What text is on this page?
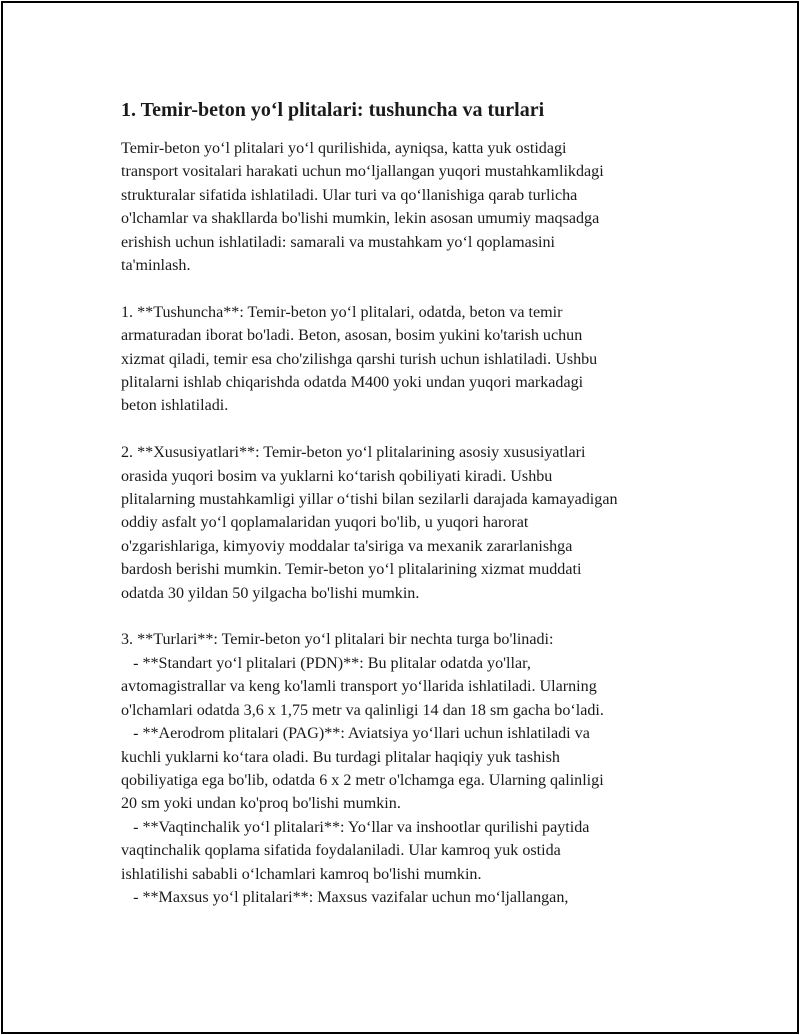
1. Temir-beton yo‘l plitalari: tushuncha va turlari
Temir-beton yo‘l plitalari yo‘l qurilishida, ayniqsa, katta yuk ostidagi
transport vositalari harakati uchun mo‘ljallangan yuqori mustahkamlikdagi
strukturalar sifatida ishlatiladi. Ular turi va qo‘llanishiga qarab turlicha
o'lchamlar va shakllarda bo'lishi mumkin, lekin asosan umumiy maqsadga
erishish uchun ishlatiladi: samarali va mustahkam yo‘l qoplamasini
ta'minlash.
1. **Tushuncha**: Temir-beton yo‘l plitalari, odatda, beton va temir
armaturadan iborat bo'ladi. Beton, asosan, bosim yukini ko'tarish uchun
xizmat qiladi, temir esa cho'zilishga qarshi turish uchun ishlatiladi. Ushbu
plitalarni ishlab chiqarishda odatda M400 yoki undan yuqori markadagi
beton ishlatiladi.
2. **Xususiyatlari**: Temir-beton yo‘l plitalarining asosiy xususiyatlari
orasida yuqori bosim va yuklarni ko‘tarish qobiliyati kiradi. Ushbu
plitalarning mustahkamligi yillar o‘tishi bilan sezilarli darajada kamayadigan
oddiy asfalt yo‘l qoplamalaridan yuqori bo'lib, u yuqori harorat
o'zgarishlariga, kimyoviy moddalar ta'siriga va mexanik zararlanishga
bardosh berishi mumkin. Temir-beton yo‘l plitalarining xizmat muddati
odatda 30 yildan 50 yilgacha bo'lishi mumkin.
3. **Turlari**: Temir-beton yo‘l plitalari bir nechta turga bo'linadi:
- **Standart yo‘l plitalari (PDN)**: Bu plitalar odatda yo'llar,
avtomagistrallar va keng ko'lamli transport yo‘llarida ishlatiladi. Ularning
o'lchamlari odatda 3,6 x 1,75 metr va qalinligi 14 dan 18 sm gacha bo‘ladi.
- **Aerodrom plitalari (PAG)**: Aviatsiya yo‘llari uchun ishlatiladi va
kuchli yuklarni ko‘tara oladi. Bu turdagi plitalar haqiqiy yuk tashish
qobiliyatiga ega bo'lib, odatda 6 x 2 metr o'lchamga ega. Ularning qalinligi
20 sm yoki undan ko'proq bo'lishi mumkin.
- **Vaqtinchalik yo‘l plitalari**: Yo‘llar va inshootlar qurilishi paytida
vaqtinchalik qoplama sifatida foydalaniladi. Ular kamroq yuk ostida
ishlatilishi sababli o‘lchamlari kamroq bo'lishi mumkin.
- **Maxsus yo‘l plitalari**: Maxsus vazifalar uchun mo‘ljallangan,
